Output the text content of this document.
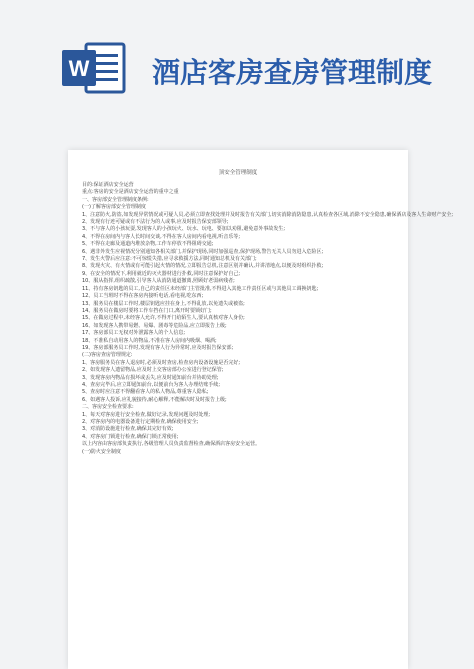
W 酒店客房查房管理制度
顶安全管理制度
目的:保证酒店安全运营
重点:客房的安全是酒店安全运营的重中之重
一、客房部安全管理制度条例:
(一)了解客房部安全管理制度
1、注意防火,防盗,如发现异常情况或可疑人员,必须立即查找处理并及时报告有关部门,切实消除消防隐患,认真检查各区域,消除不安全隐患,确保酒店及客人生命财产安全;
2、发现有行迹可疑或有不法行为的人或事,应及时报告保安部领导;
3、不与客人的小孩玩耍,发现客人的小孩玩火、玩水、玩电、要加以劝阻,避免意外事故发生;
4、不得在房间内与客人长时间交谈,不得在客人房间内看电视,听音乐等;
5、不得在走廊及通道内堆放杂物,工作车停放不得阻碍交通;
6、遇非外发生应视情况分别通知各相关部门,并保护现场,同时加强巡查,保护现场,警告无关人员勿进入危险区;
7、发生火警后应注意:不可惊慌失措,应寻求救援方法,同时通知总机及有关部门;
8、发现火灾、有火情或有可能引起火情的情况,立即报告总机,注意区别并确认,并讲清地点,以便及时组织扑救;
9、在安全的情况下,利用就近的灭火器材进行扑救,同时注意保护好自己;
10、服从指挥,组织疏散,引导客人从消防通道撤离,照顾好老弱病残者;
11、持有客房钥匙的员工,自己的责任区未经部门主管批准,不得进入其他工作责任区或与其他员工调换钥匙;
12、员工当班时不得在客房内接听电话,看电视,吃东西;
13、服务员在楼层工作时,楼层钥匙应挂在身上,不得乱放,以免遗失或被盗;
14、服务员在做房时要将工作车挡在门口,离开时要锁好门;
15、在做房过程中,未经客人允许,不得开门给陌生人,要认真核对客人身份;
16、如发现客人携带易燃、易爆、剧毒等危险品,应立即报告上级;
17、客房部员工无权对外泄露客人的个人信息;
18、不准私自动用客人的物品,不准在客人房间内吸烟、喝酒;
19、客房部服务员工作时,发现有客人行为异常时,应及时报告保安部;
(二)客房查房管理规定:
1、客房服务员在客人退房时,必须及时查房,检查房内设备设施是否完好;
2、如发现客人遗留物品,应及时上交客房部办公室进行登记保管;
3、发现客房内物品有损坏或丢失,应及时通知前台并协助处理;
4、查房完毕后,应立即通知前台,以便前台为客人办理结账手续;
5、查房时应注意不得翻看客人的私人物品,尊重客人隐私;
6、如遇客人投诉,应礼貌接待,耐心解释,不能解决时及时报告上级;
二、客房安全检查要求:
1、每天对客房进行安全检查,做好记录,发现问题及时处理;
2、对客房内的电器设备进行定期检查,确保使用安全;
3、对消防设施进行检查,确保其完好有效;
4、对客房门锁进行检查,确保门锁正常使用;
以上内容由客房部负责执行,各级管理人员负责监督检查,确保酒店客房安全运营。
(一)防火安全制度
